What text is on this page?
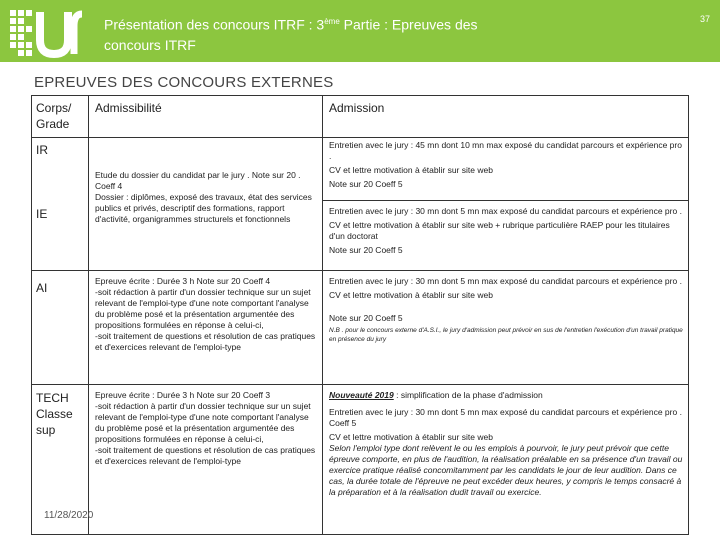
Présentation des concours ITRF : 3ème Partie : Epreuves des
concours ITRF
37
EPREUVES DES CONCOURS EXTERNES
Corps/ Grade
Admissibilité	Admission
IR
IE

Etude du dossier du candidat par le jury . Note sur 20 . Coeff 4

Dossier : diplômes, exposé des travaux, état des services publics et privés, descriptif des formations, rapport d'activité, organigrammes structurels et fonctionnels

Entretien avec le jury : 45 mn dont 10 mn max exposé du candidat parcours et expérience pro .

CV et lettre motivation à établir sur site web

Note sur 20 Coeff 5

Entretien avec le jury : 30 mn dont 5 mn max exposé du candidat parcours et expérience pro .

CV et lettre motivation à établir sur site web + rubrique particulière RAEP pour les titulaires d'un doctorat

Note sur 20 Coeff 5

AI	Epreuve écrite : Durée 3 h Note sur 20 Coeff 4

-soit rédaction à partir d'un dossier technique sur un sujet relevant de l'emploi-type d'une note comportant l'analyse du problème posé et la présentation argumentée des propositions formulées en réponse à celui-ci,

-soit traitement de questions et résolution de cas pratiques et d'exercices relevant de l'emploi-type

Entretien avec le jury : 30 mn dont 5 mn max exposé du candidat parcours et expérience pro .

CV et lettre motivation à établir sur site web

Note sur 20 Coeff 5

N.B . pour le concours externe d'A.S.I., le jury d'admission peut prévoir en sus de l'entretien l'exécution d'un travail pratique en présence du jury

TECH Classe sup

Epreuve écrite : Durée 3 h Note sur 20 Coeff 3

-soit rédaction à partir d'un dossier technique sur un sujet relevant de l'emploi-type d'une note comportant l'analyse du problème posé et la présentation argumentée des propositions formulées en réponse à celui-ci,

-soit traitement de questions et résolution de cas pratiques et d'exercices relevant de l'emploi-type

Nouveauté 2019 : simplification de la phase d'admission

Entretien avec le jury : 30 mn dont 5 mn max exposé du candidat parcours et expérience pro . Coeff 5

CV et lettre motivation à établir sur site web

Selon l'emploi type dont relèvent le ou les emplois à pourvoir, le jury peut prévoir que cette épreuve comporte, en plus de l'audition, la réalisation préalable en sa présence d'un travail ou exercice pratique réalisé concomitamment par les candidats le jour de leur audition. Dans ce cas, la durée totale de l'épreuve ne peut excéder deux heures, y compris le temps consacré à la préparation et à la réalisation dudit travail ou exercice.

11/28/2020
